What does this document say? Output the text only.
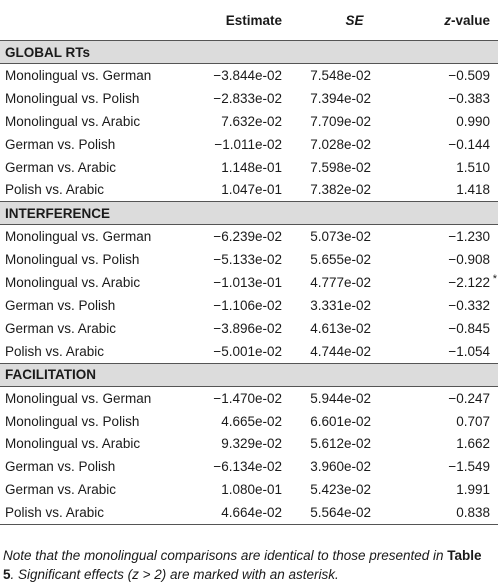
	Estimate	SE	z-value
GLOBAL RTs			
Monolingual vs. German	−3.844e-02	7.548e-02	−0.509

Monolingual vs. Polish	−2.833e-02	7.394e-02	−0.383

Monolingual vs. Arabic	7.632e-02	7.709e-02	0.990

German vs. Polish	−1.011e-02	7.028e-02	−0.144

German vs. Arabic	1.148e-01	7.598e-02	1.510

Polish vs. Arabic	1.047e-01	7.382e-02	1.418

INTERFERENCE			
Monolingual vs. German	−6.239e-02	5.073e-02	−1.230

Monolingual vs. Polish	−5.133e-02	5.655e-02	−0.908

Monolingual vs. Arabic	−1.013e-01	4.777e-02	−2.122 *

German vs. Polish	−1.106e-02	3.331e-02	−0.332

German vs. Arabic	−3.896e-02	4.613e-02	−0.845

Polish vs. Arabic	−5.001e-02	4.744e-02	−1.054

FACILITATION			
Monolingual vs. German	−1.470e-02	5.944e-02	−0.247

Monolingual vs. Polish	4.665e-02	6.601e-02	0.707

Monolingual vs. Arabic	9.329e-02	5.612e-02	1.662

German vs. Polish	−6.134e-02	3.960e-02	−1.549

German vs. Arabic	1.080e-01	5.423e-02	1.991

Polish vs. Arabic	4.664e-02	5.564e-02	0.838
Note that the monolingual comparisons are identical to those presented in Table 5. Significant effects (z > 2) are marked with an asterisk.
